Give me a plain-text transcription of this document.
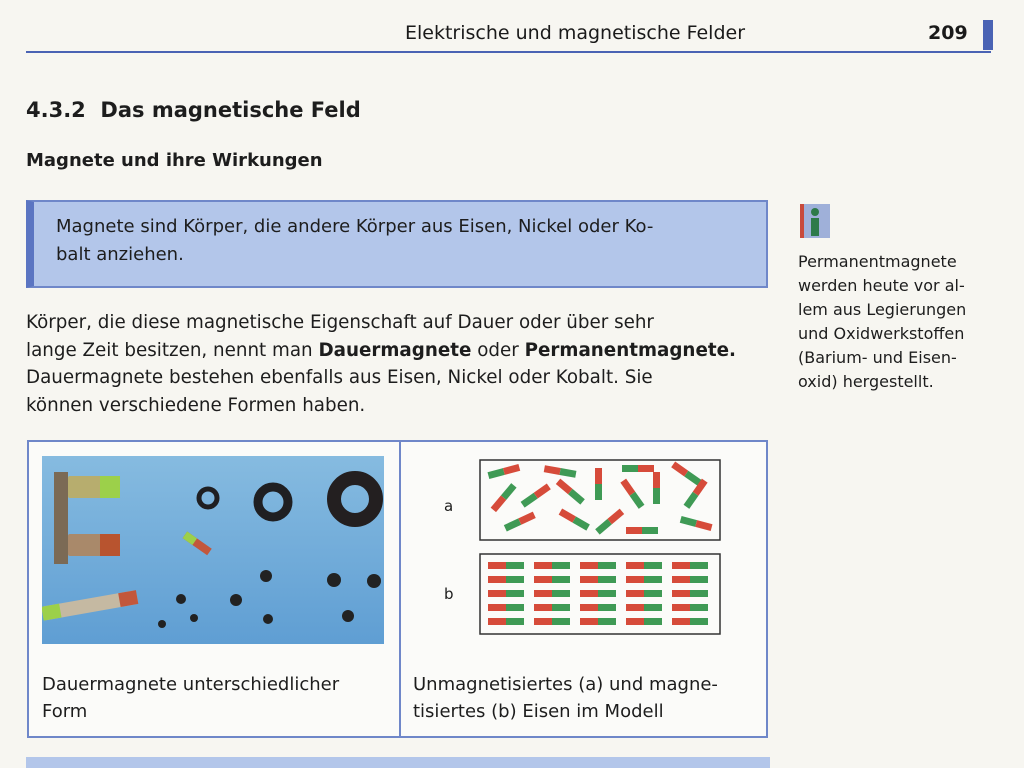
Elektrische und magnetische Felder	209
4.3.2 Das magnetische Feld
Magnete und ihre Wirkungen
Magnete sind Körper, die andere Körper aus Eisen, Nickel oder Ko-
balt anziehen.
Körper, die diese magnetische Eigenschaft auf Dauer oder über sehr
lange Zeit besitzen, nennt man Dauermagnete oder Permanentmagnete.
Dauermagnete bestehen ebenfalls aus Eisen, Nickel oder Kobalt. Sie
können verschiedene Formen haben.
Permanentmagnete
werden heute vor al-
lem aus Legierungen
und Oxidwerkstoffen
(Barium- und Eisen-
oxid) hergestellt.
a
b
Dauermagnete unterschiedlicher
Form
Unmagnetisiertes (a) und magne-
tisiertes (b) Eisen im Modell
